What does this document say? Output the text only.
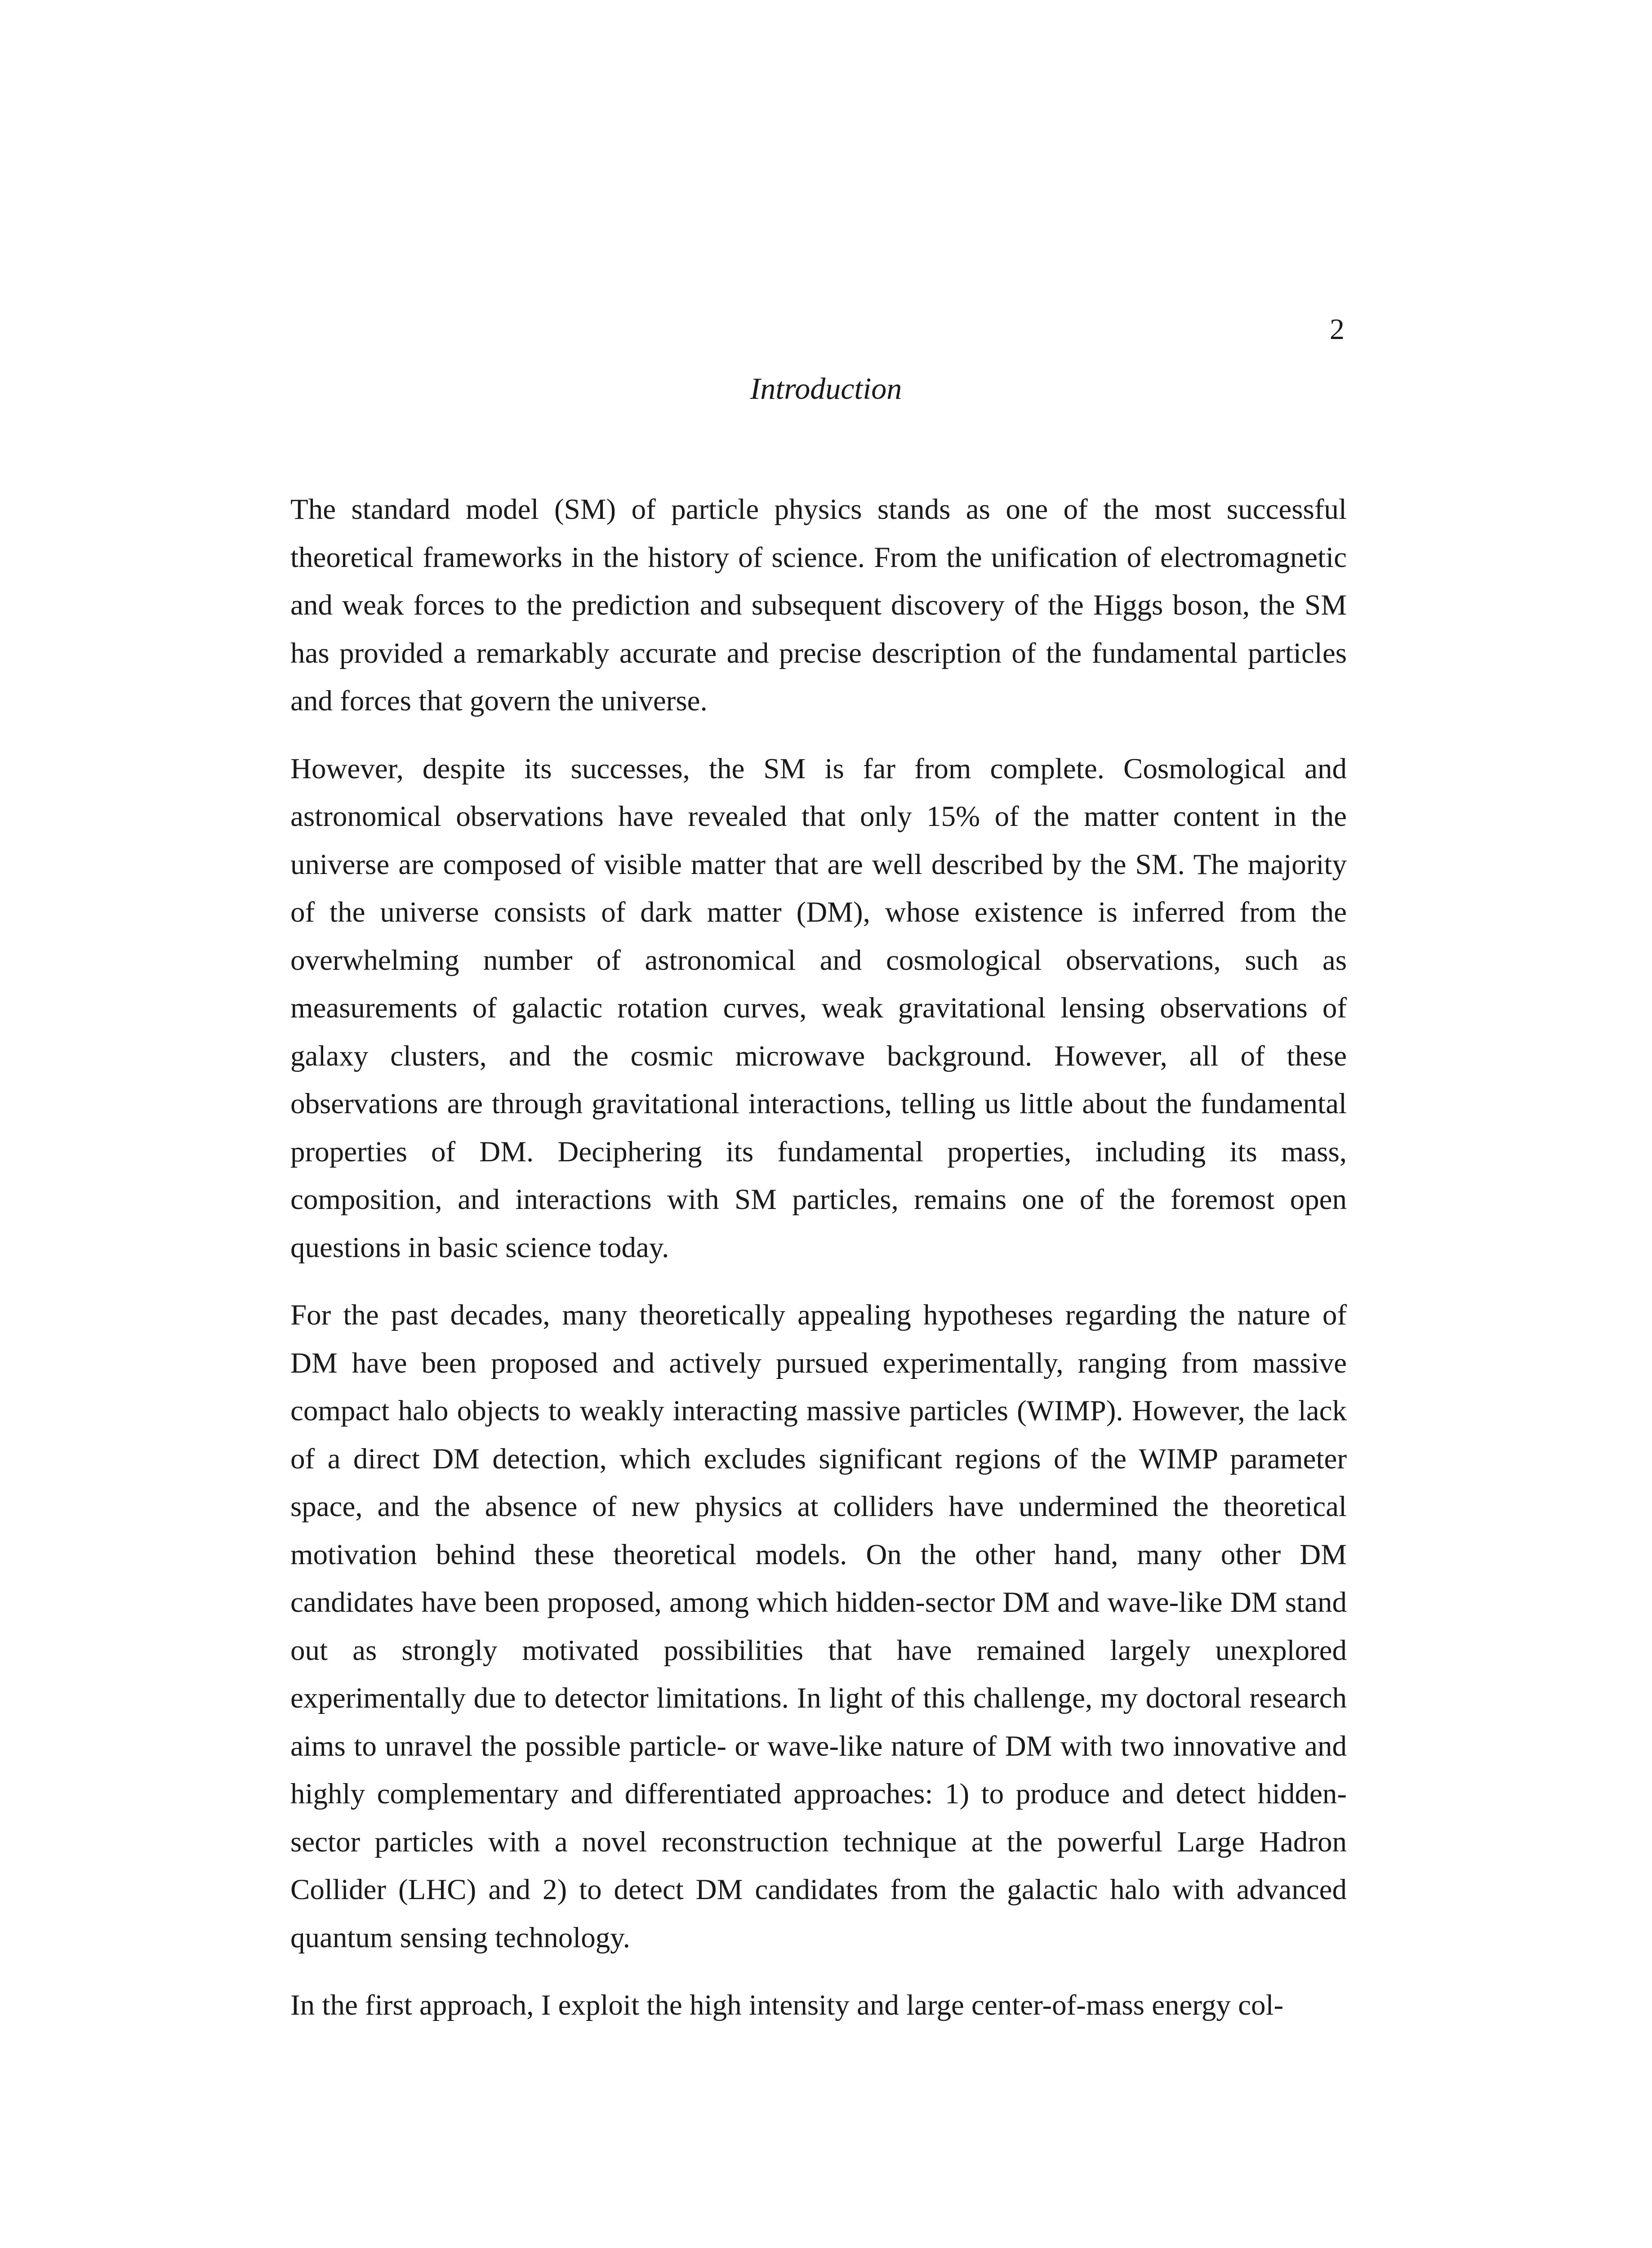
2
Introduction

The standard model (SM) of particle physics stands as one of the most successful theoretical frameworks in the history of science. From the unification of electromagnetic and weak forces to the prediction and subsequent discovery of the Higgs boson, the SM has provided a remarkably accurate and precise description of the fundamental particles and forces that govern the universe.

However, despite its successes, the SM is far from complete. Cosmological and astronomical observations have revealed that only 15% of the matter content in the universe are composed of visible matter that are well described by the SM. The majority of the universe consists of dark matter (DM), whose existence is inferred from the overwhelming number of astronomical and cosmological observations, such as measurements of galactic rotation curves, weak gravitational lensing observations of galaxy clusters, and the cosmic microwave background. However, all of these observations are through gravitational interactions, telling us little about the fundamental properties of DM. Deciphering its fundamental properties, including its mass, composition, and interactions with SM particles, remains one of the foremost open questions in basic science today.

For the past decades, many theoretically appealing hypotheses regarding the nature of DM have been proposed and actively pursued experimentally, ranging from massive compact halo objects to weakly interacting massive particles (WIMP). However, the lack of a direct DM detection, which excludes significant regions of the WIMP parameter space, and the absence of new physics at colliders have undermined the theoretical motivation behind these theoretical models. On the other hand, many other DM candidates have been proposed, among which hidden-sector DM and wave-like DM stand out as strongly motivated possibilities that have remained largely unexplored experimentally due to detector limitations. In light of this challenge, my doctoral research aims to unravel the possible particle- or wave-like nature of DM with two innovative and highly complementary and differentiated approaches: 1) to produce and detect hidden-sector particles with a novel reconstruction technique at the powerful Large Hadron Collider (LHC) and 2) to detect DM candidates from the galactic halo with advanced quantum sensing technology.

In the first approach, I exploit the high intensity and large center-of-mass energy col-
